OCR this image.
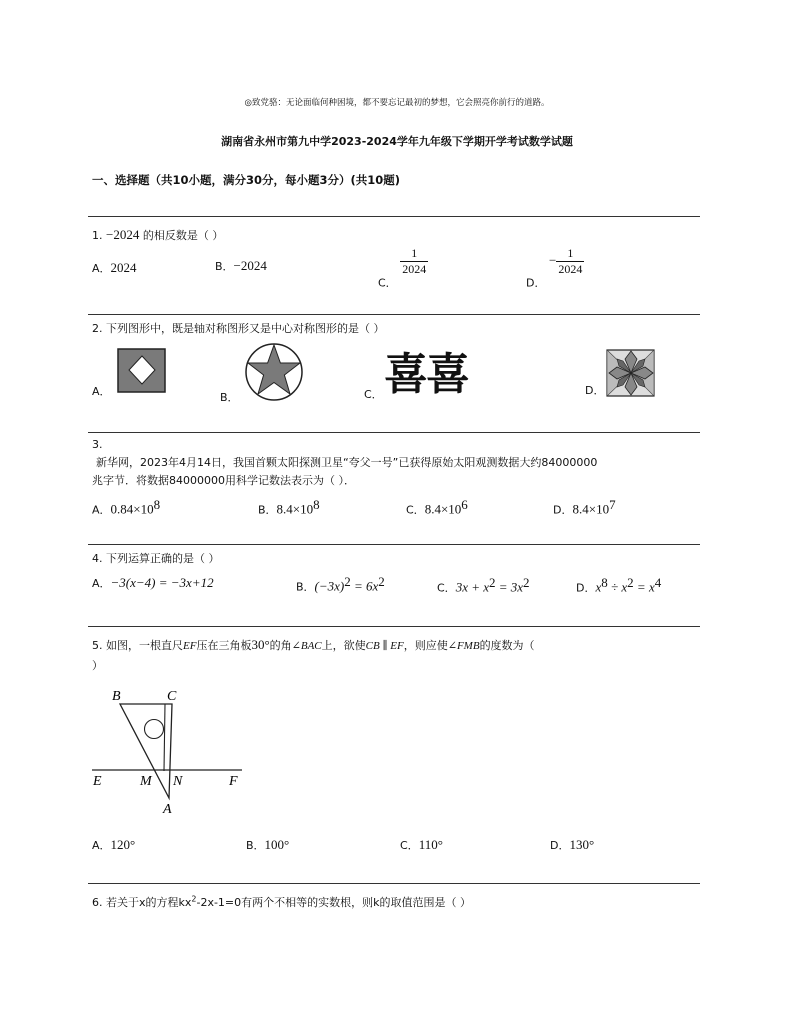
◎致党骆：无论面临何种困境，都不要忘记最初的梦想，它会照亮你前行的道路。
湖南省永州市第九中学2023-2024学年九年级下学期开学考试数学试题
一、选择题（共10小题，满分30分，每小题3分）(共10题)
1. −2024 的相反数是（ ）
A．2024	B．−2024
C．
$\frac{1}{2024}$
D． − $\frac{1}{2024}$
2. 下列图形中，既是轴对称图形又是中心对称图形的是（ ）
A．	B．	C． 喜喜	D．
3.
新华网，2023年4月14日，我国首颗太阳探测卫星“夸父一号”已获得原始太阳观测数据大约84000000
兆字节．将数据84000000用科学记数法表示为（ ）．
A．$0.84\times 10^8$	B．$8.4\times 10^8$	C．$8.4\times 10^6$	D．$8.4\times 10^7$
4. 下列运算正确的是（ ）
A．−3(x−4) = −3x+12	B．$(-3x)^2 = 6x^2$	C．$3x + x^2 = 3x^2$	D．$x^8 \div x^2 = x^4$
5. 如图，一根直尺EF压在三角板30°的角∠BAC上，欲使CB ∥ EF，则应使∠FMB的度数为（
）
B	C
E	M N	F
A
A．120°	B．100°	C．110°	D．130°
6. 若关于x的方程$kx^2-2x-1=0$有两个不相等的实数根，则k的取值范围是（ ）
